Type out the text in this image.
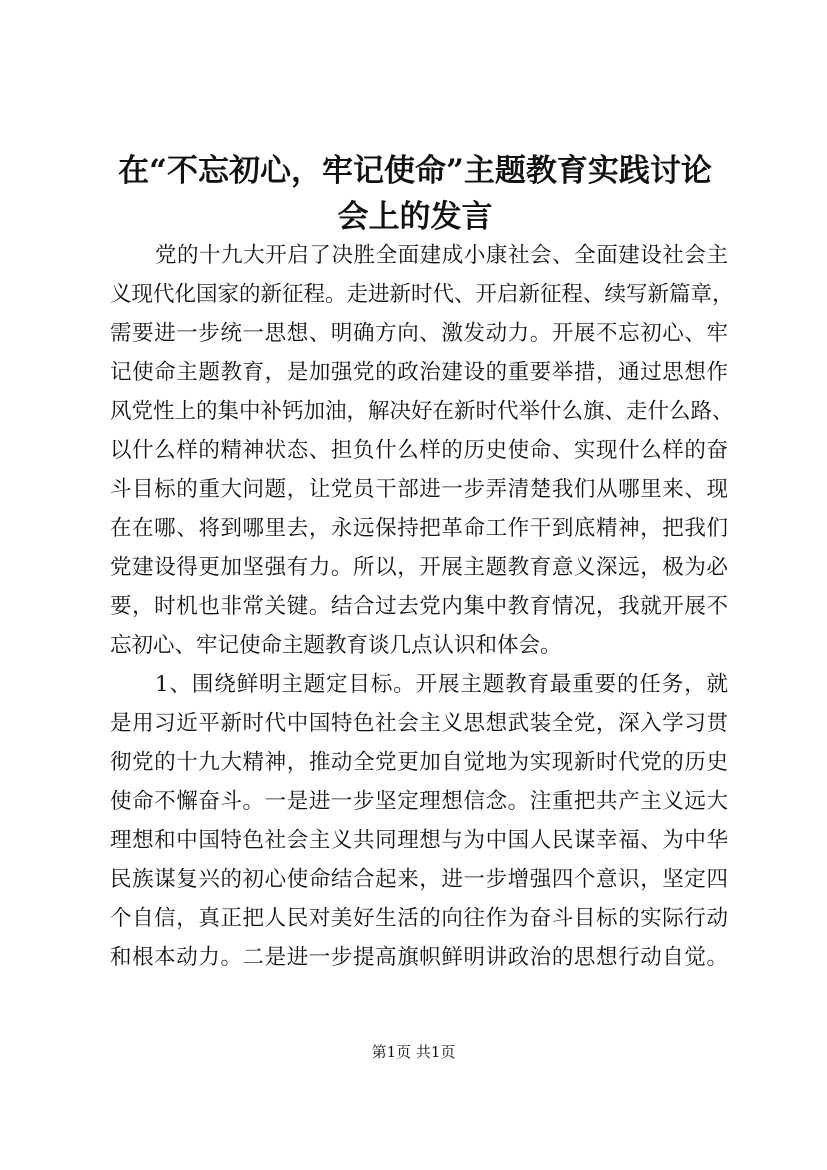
在“不忘初心，牢记使命”主题教育实践讨论
会上的发言
党的十九大开启了决胜全面建成小康社会、全面建设社会主
义现代化国家的新征程。走进新时代、开启新征程、续写新篇章，
需要进一步统一思想、明确方向、激发动力。开展不忘初心、牢
记使命主题教育，是加强党的政治建设的重要举措，通过思想作
风党性上的集中补钙加油，解决好在新时代举什么旗、走什么路、
以什么样的精神状态、担负什么样的历史使命、实现什么样的奋
斗目标的重大问题，让党员干部进一步弄清楚我们从哪里来、现
在在哪、将到哪里去，永远保持把革命工作干到底精神，把我们
党建设得更加坚强有力。所以，开展主题教育意义深远，极为必
要，时机也非常关键。结合过去党内集中教育情况，我就开展不
忘初心、牢记使命主题教育谈几点认识和体会。
1、围绕鲜明主题定目标。开展主题教育最重要的任务，就
是用习近平新时代中国特色社会主义思想武装全党，深入学习贯
彻党的十九大精神，推动全党更加自觉地为实现新时代党的历史
使命不懈奋斗。一是进一步坚定理想信念。注重把共产主义远大
理想和中国特色社会主义共同理想与为中国人民谋幸福、为中华
民族谋复兴的初心使命结合起来，进一步增强四个意识，坚定四
个自信，真正把人民对美好生活的向往作为奋斗目标的实际行动
和根本动力。二是进一步提高旗帜鲜明讲政治的思想行动自觉。
第1页 共1页
